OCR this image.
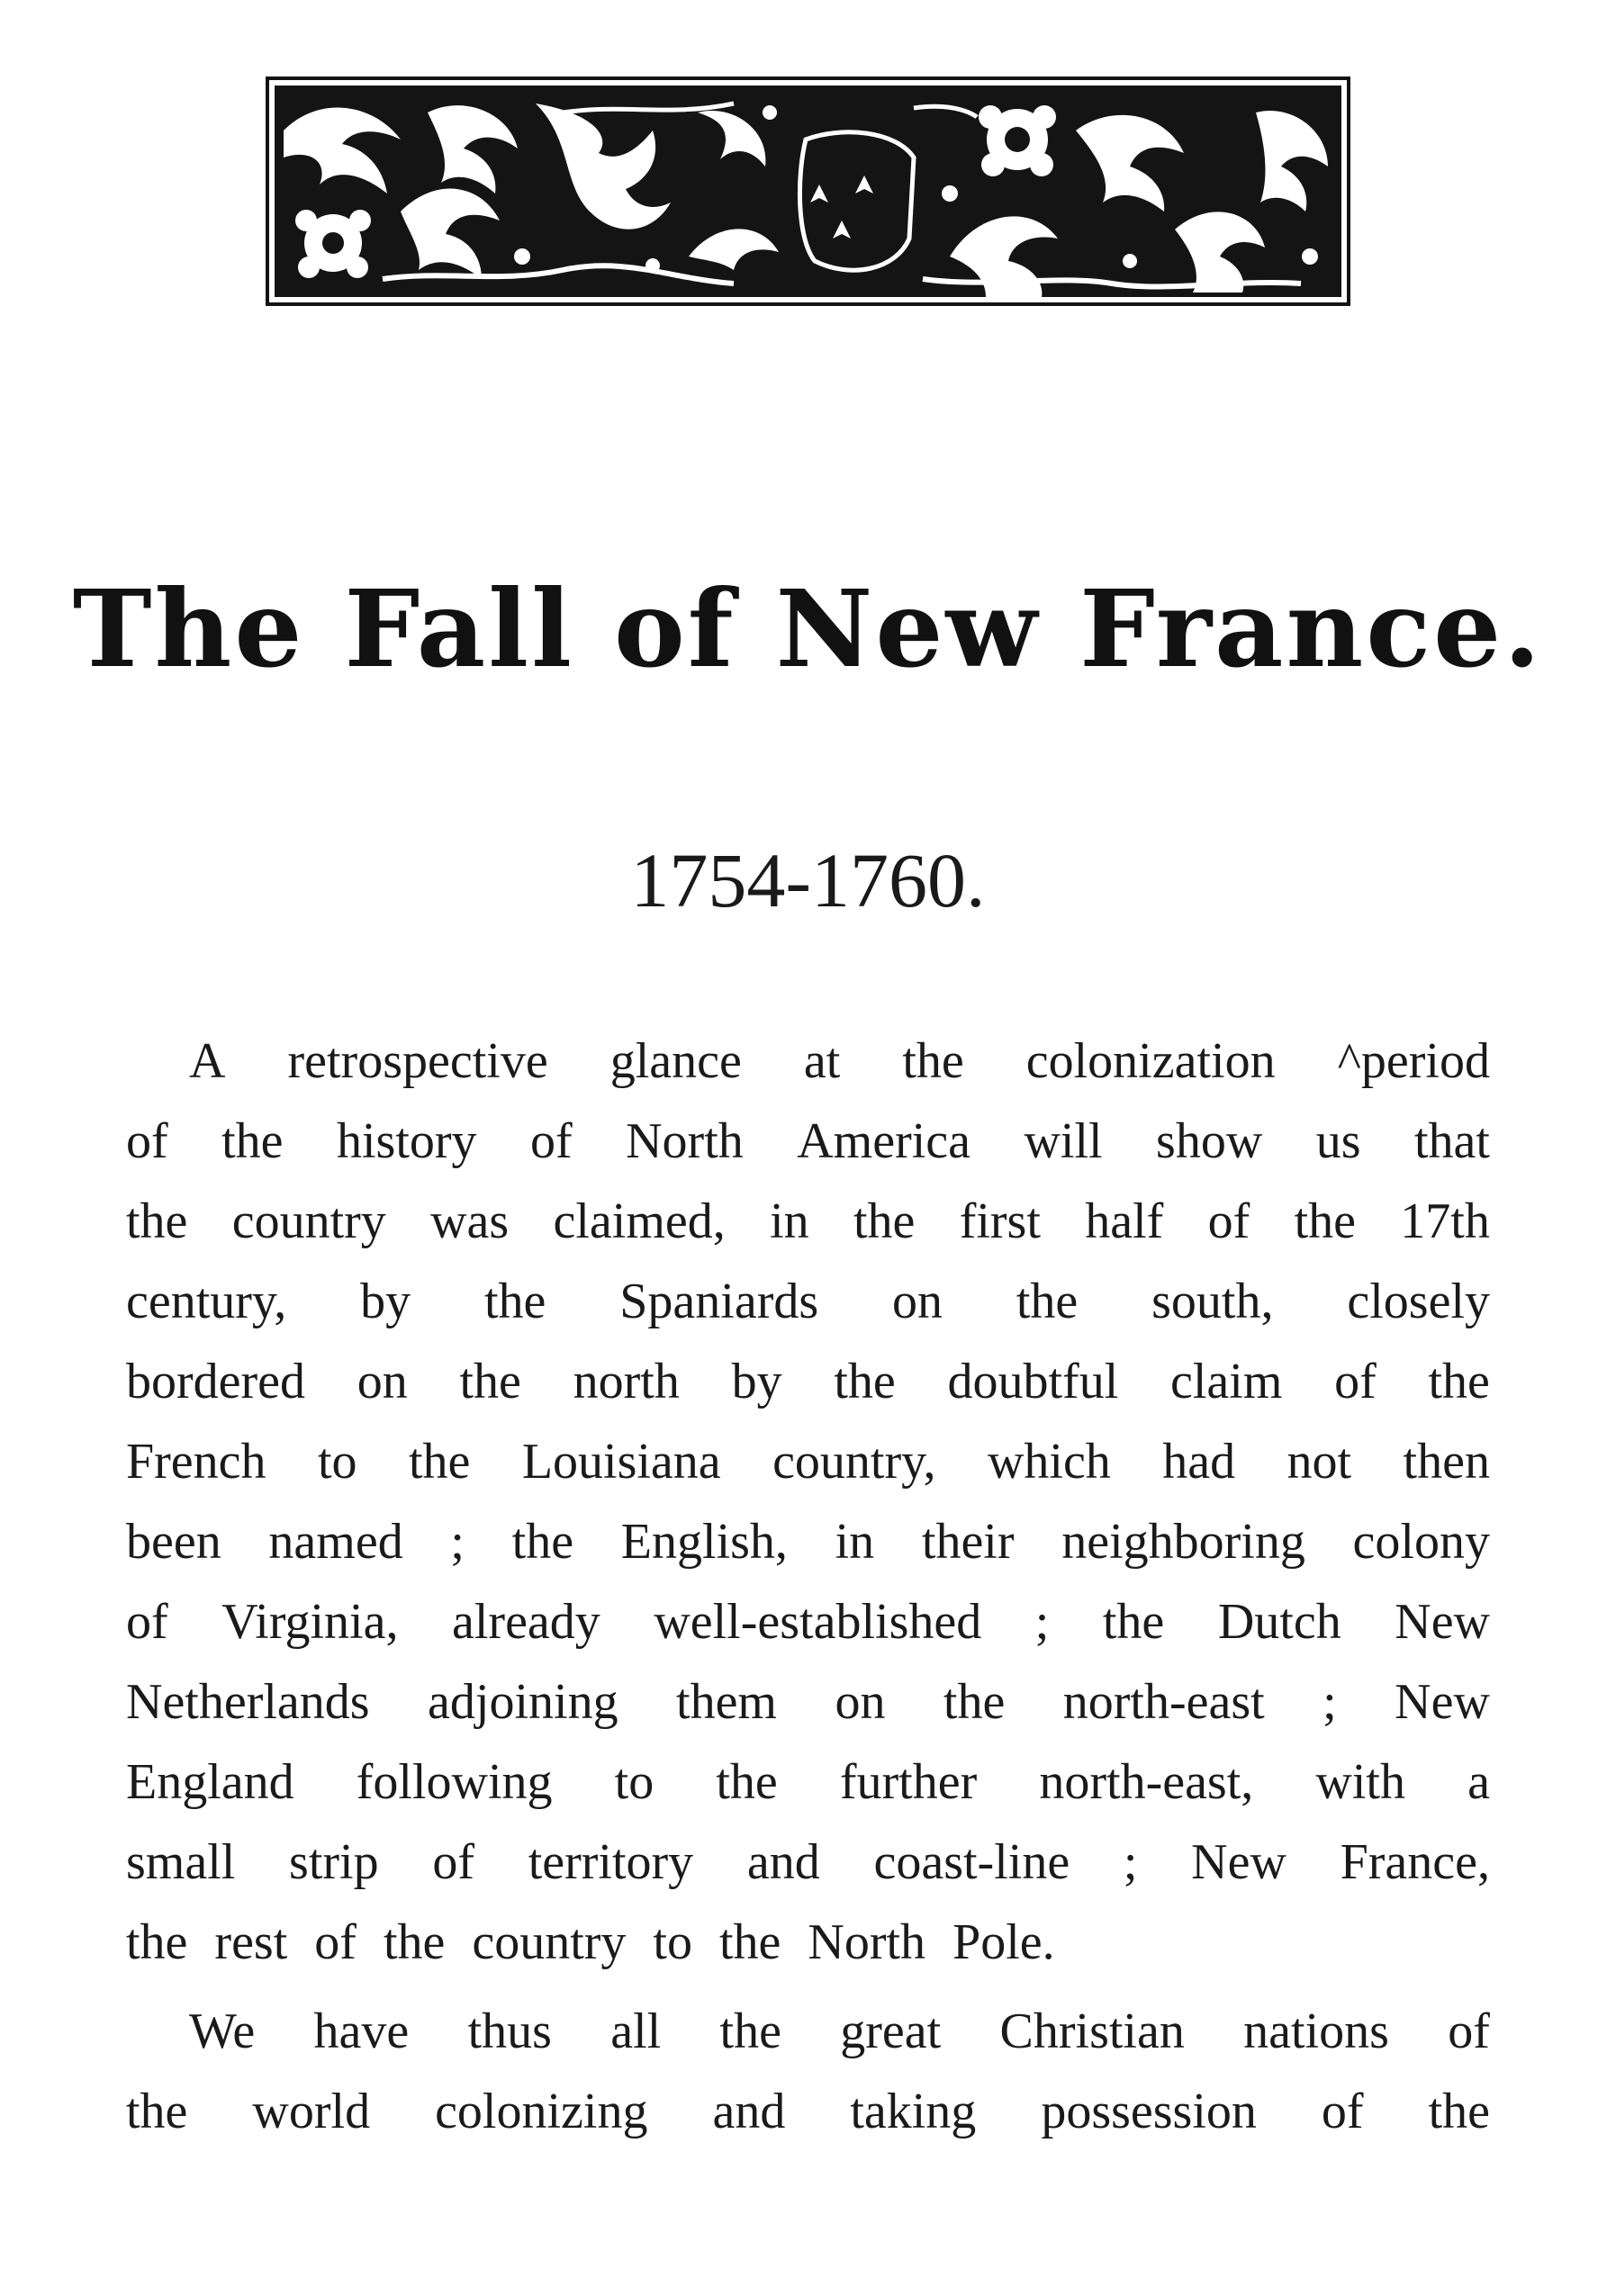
The Fall of New France.
1754-1760.
A retrospective glance at the colonization ^period
of the history of North America will show us that
the country was claimed, in the first half of the 17th
century, by the Spaniards on the south, closely
bordered on the north by the doubtful claim of the
French to the Louisiana country, which had not then
been named ; the English, in their neighboring colony
of Virginia, already well-established ; the Dutch New
Netherlands adjoining them on the north-east ; New
England following to the further north-east, with a
small strip of territory and coast-line ; New France,
the rest of the country to the North Pole.
We have thus all the great Christian nations of
the world colonizing and taking possession of the
